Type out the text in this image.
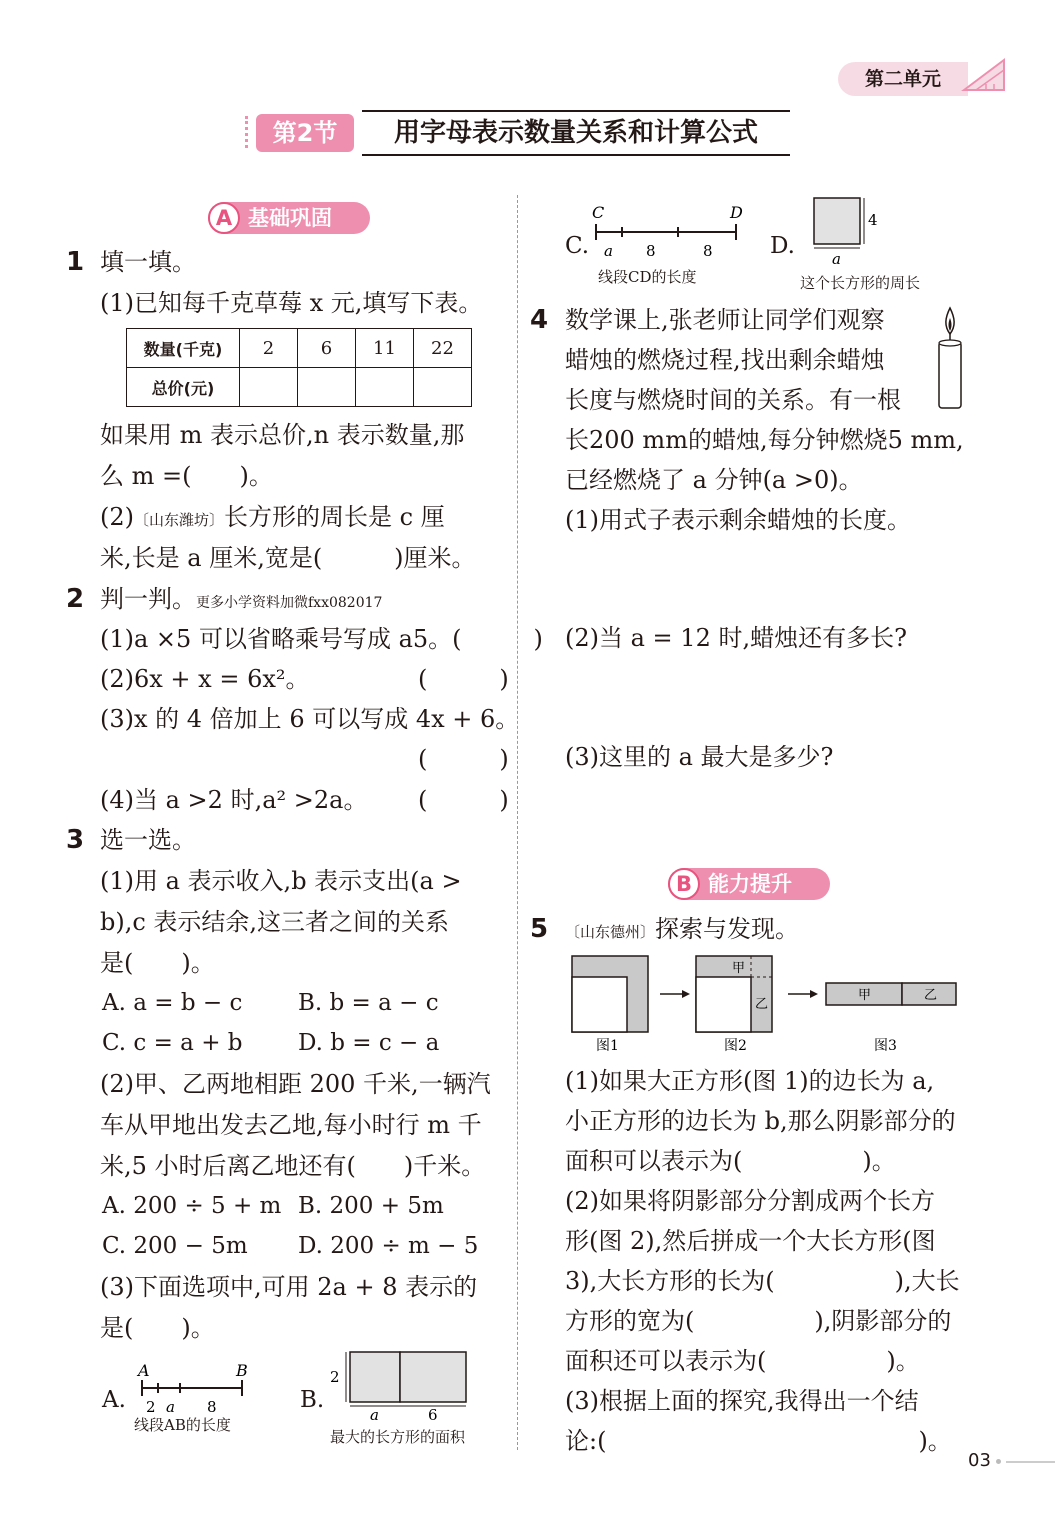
第二单元
第2节	用字母表示数量关系和计算公式
A 基础巩固
1 填一填。
(1)已知每千克草莓 x 元,填写下表。
数量(千克)	2	6	11	22
总价(元)				
如果用 m 表示总价,n 表示数量,那
么 m =(　　)。
(2)〔山东潍坊〕长方形的周长是 c 厘
米,长是 a 厘米,宽是(　　　)厘米。
2 判一判。更多小学资料加微fxx082017
(1)a ×5 可以省略乘号写成 a5。(　　　)
(2)6x + x = 6x²。	(　　　)
(3)x 的 4 倍加上 6 可以写成 4x + 6。
(　　　)
(4)当 a >2 时,a² >2a。 (　　　)
3 选一选。
(1)用 a 表示收入,b 表示支出(a >
b),c 表示结余,这三者之间的关系
是(　　)。
A. a = b − c B. b = a − c
C. c = a + b D. b = c − a
(2)甲、乙两地相距 200 千米,一辆汽
车从甲地出发去乙地,每小时行 m 千
米,5 小时后离乙地还有(　　)千米。
A. 200 ÷ 5 + m B. 200 + 5m
C. 200 − 5m D. 200 ÷ m − 5
(3)下面选项中,可用 2a + 8 表示的
是(　　)。
A.
A	B
2 a 8
线段AB的长度
B.
2
a	6
最大的长方形的面积
C.
C	D
a 8	8
线段CD的长度
D.
4
a
这个长方形的周长
4 数学课上,张老师让同学们观察
蜡烛的燃烧过程,找出剩余蜡烛
长度与燃烧时间的关系。有一根
长200 mm的蜡烛,每分钟燃烧5 mm,
已经燃烧了 a 分钟(a >0)。
(1)用式子表示剩余蜡烛的长度。
(2)当 a = 12 时,蜡烛还有多长?
(3)这里的 a 最大是多少?
B 能力提升
5 〔山东德州〕探索与发现。
甲
乙
甲	乙
图1	图2	图3
(1)如果大正方形(图 1)的边长为 a,
小正方形的边长为 b,那么阴影部分的
面积可以表示为(　　　　　)。
(2)如果将阴影部分分割成两个长方
形(图 2),然后拼成一个大长方形(图
3),大长方形的长为(　　　　　),大长
方形的宽为(　　　　　),阴影部分的
面积还可以表示为(　　　　　)。
(3)根据上面的探究,我得出一个结
论:(　　　　　　　　　　　　　)。
03
